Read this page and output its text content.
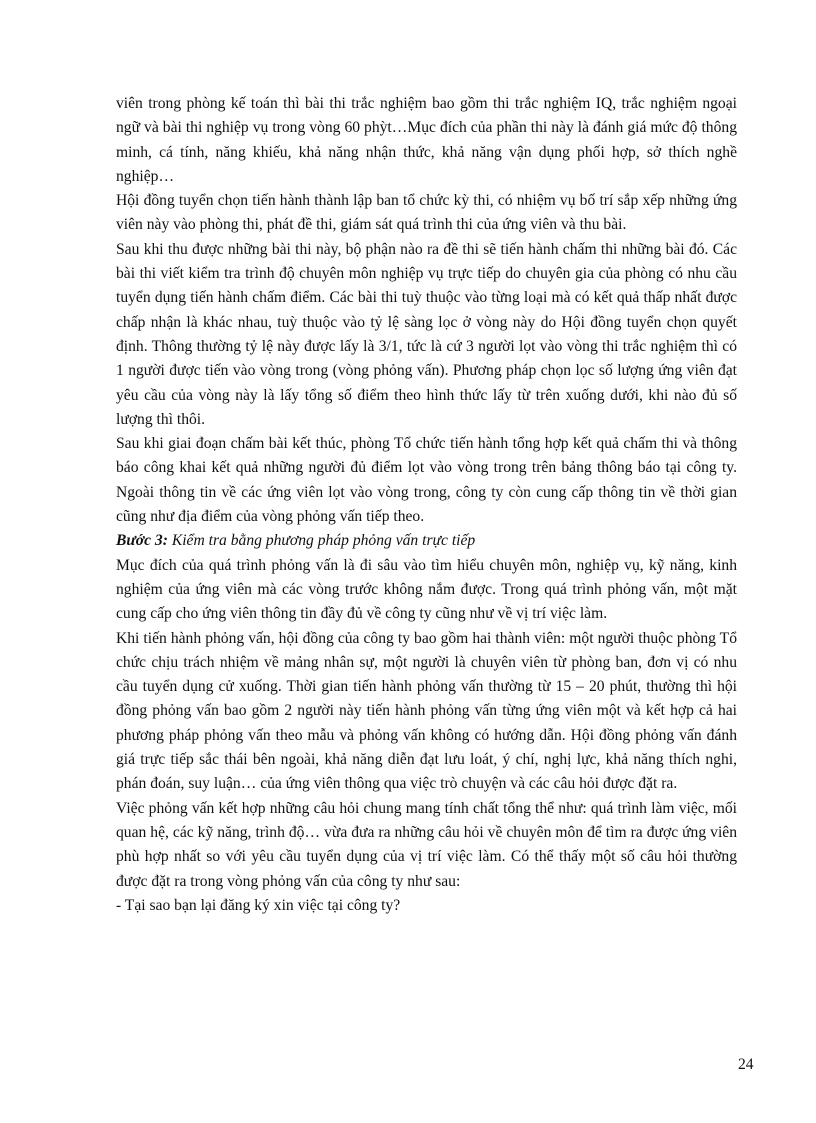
viên trong phòng kế toán thì bài thi trắc nghiệm bao gồm thi trắc nghiệm IQ, trắc nghiệm ngoại ngữ và bài thi nghiệp vụ trong vòng 60 phỳt…Mục đích của phần thi này là đánh giá mức độ thông minh, cá tính, năng khiếu, khả năng nhận thức, khả năng vận dụng phối hợp, sở thích nghề nghiệp…

Hội đồng tuyển chọn tiến hành thành lập ban tổ chức kỳ thi, có nhiệm vụ bố trí sắp xếp những ứng viên này vào phòng thi, phát đề thi, giám sát quá trình thi của ứng viên và thu bài.

Sau khi thu được những bài thi này, bộ phận nào ra đề thi sẽ tiến hành chấm thi những bài đó. Các bài thi viết kiểm tra trình độ chuyên môn nghiệp vụ trực tiếp do chuyên gia của phòng có nhu cầu tuyển dụng tiến hành chấm điểm. Các bài thi tuỳ thuộc vào từng loại mà có kết quả thấp nhất được chấp nhận là khác nhau, tuỳ thuộc vào tỷ lệ sàng lọc ở vòng này do Hội đồng tuyển chọn quyết định. Thông thường tỷ lệ này được lấy là 3/1, tức là cứ 3 người lọt vào vòng thi trắc nghiệm thì có 1 người được tiến vào vòng trong (vòng phỏng vấn). Phương pháp chọn lọc số lượng ứng viên đạt yêu cầu của vòng này là lấy tổng số điểm theo hình thức lấy từ trên xuống dưới, khi nào đủ số lượng thì thôi.

Sau khi giai đoạn chấm bài kết thúc, phòng Tổ chức tiến hành tổng hợp kết quả chấm thi và thông báo công khai kết quả những người đủ điểm lọt vào vòng trong trên bảng thông báo tại công ty. Ngoài thông tin về các ứng viên lọt vào vòng trong, công ty còn cung cấp thông tin về thời gian cũng như địa điểm của vòng phỏng vấn tiếp theo.

Bước 3: Kiểm tra bằng phương pháp phỏng vấn trực tiếp

Mục đích của quá trình phỏng vấn là đi sâu vào tìm hiểu chuyên môn, nghiệp vụ, kỹ năng, kinh nghiệm của ứng viên mà các vòng trước không nắm được. Trong quá trình phỏng vấn, một mặt cung cấp cho ứng viên thông tin đầy đủ về công ty cũng như về vị trí việc làm.

Khi tiến hành phỏng vấn, hội đồng của công ty bao gồm hai thành viên: một người thuộc phòng Tổ chức chịu trách nhiệm về mảng nhân sự, một người là chuyên viên từ phòng ban, đơn vị có nhu cầu tuyển dụng cử xuống. Thời gian tiến hành phỏng vấn thường từ 15 – 20 phút, thường thì hội đồng phỏng vấn bao gồm 2 người này tiến hành phỏng vấn từng ứng viên một và kết hợp cả hai phương pháp phỏng vấn theo mẫu và phỏng vấn không có hướng dẫn. Hội đồng phỏng vấn đánh giá trực tiếp sắc thái bên ngoài, khả năng diễn đạt lưu loát, ý chí, nghị lực, khả năng thích nghi, phán đoán, suy luận… của ứng viên thông qua việc trò chuyện và các câu hỏi được đặt ra.

Việc phỏng vấn kết hợp những câu hỏi chung mang tính chất tổng thể như: quá trình làm việc, mối quan hệ, các kỹ năng, trình độ… vừa đưa ra những câu hỏi về chuyên môn để tìm ra được ứng viên phù hợp nhất so với yêu cầu tuyển dụng của vị trí việc làm. Có thể thấy một số câu hỏi thường được đặt ra trong vòng phỏng vấn của công ty như sau:

- Tại sao bạn lại đăng ký xin việc tại công ty?

24
